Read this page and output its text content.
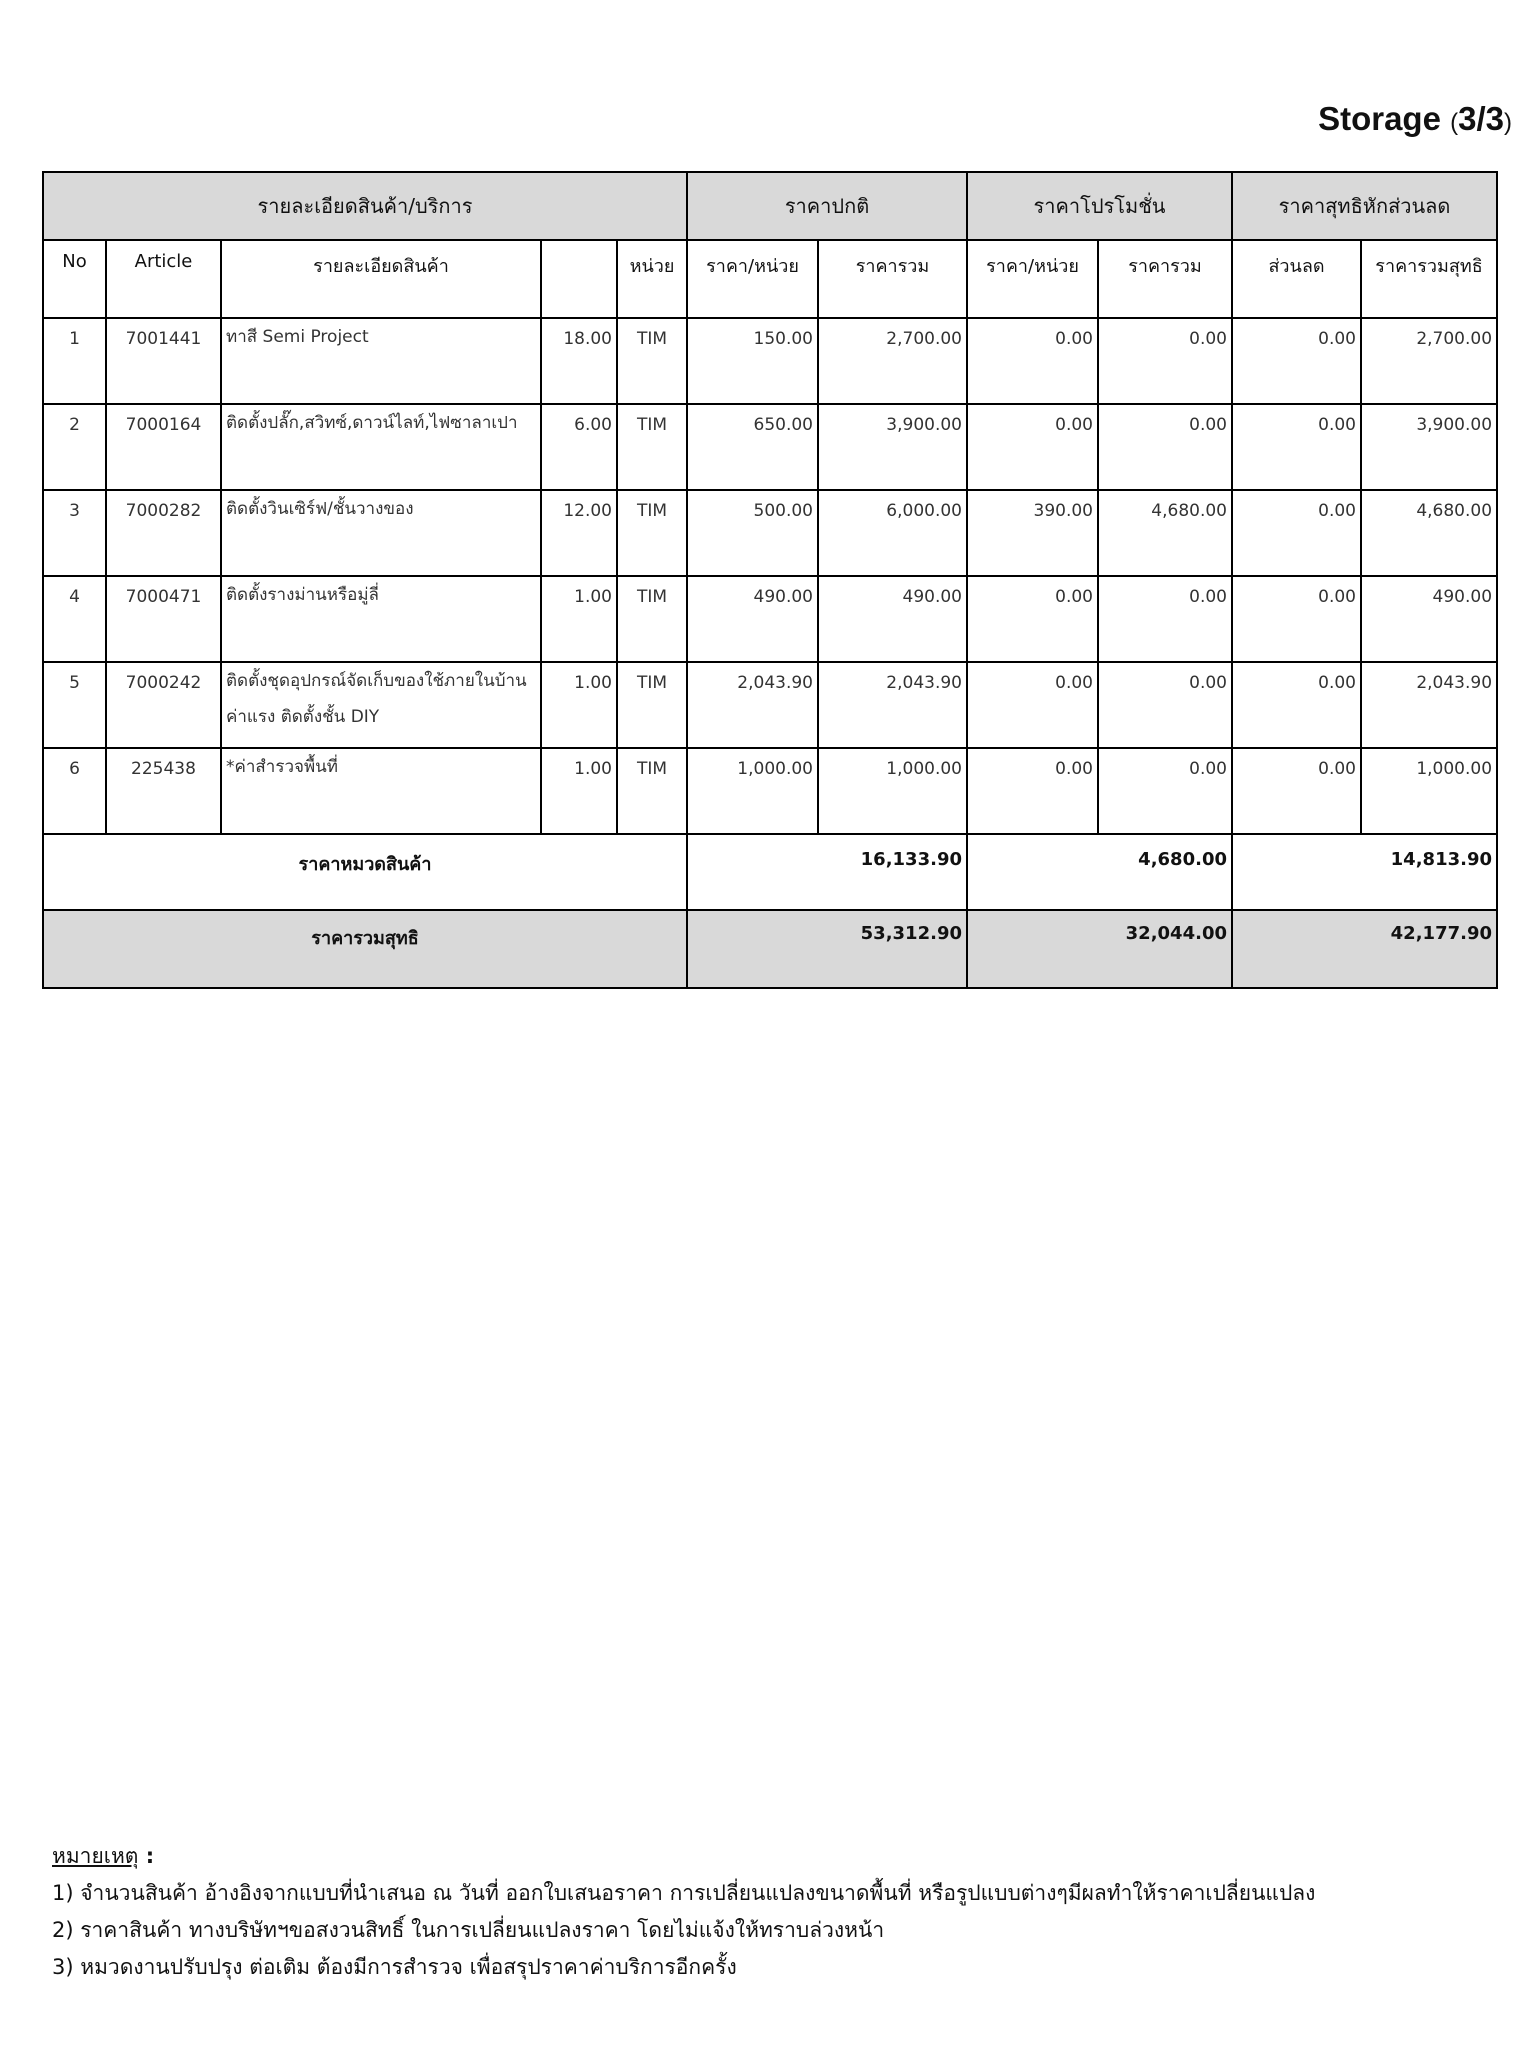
Storage (3/3)
รายละเอียดสินค้า/บริการ					ราคาปกติ		ราคาโปรโมชั่น		ราคาสุทธิหักส่วนลด	
No	Article	รายละเอียดสินค้า		หน่วย	ราคา/หน่วย	ราคารวม	ราคา/หน่วย	ราคารวม	ส่วนลด	ราคารวมสุทธิ
1	7001441	ทาสี Semi Project	18.00	TIM	150.00	2,700.00	0.00	0.00	0.00	2,700.00
2	7000164	ติดตั้งปลั๊ก,สวิทซ์,ดาวน์ไลท์,ไฟซาลาเปา	6.00	TIM	650.00	3,900.00	0.00	0.00	0.00	3,900.00
3	7000282	ติดตั้งวินเซิร์ฟ/ชั้นวางของ	12.00	TIM	500.00	6,000.00	390.00	4,680.00	0.00	4,680.00
4	7000471	ติดตั้งรางม่านหรือมู่ลี่	1.00	TIM	490.00	490.00	0.00	0.00	0.00	490.00
5	7000242	ติดตั้งชุดอุปกรณ์จัดเก็บของใช้ภายในบ้าน ค่าแรง ติดตั้งชั้น DIY	1.00	TIM	2,043.90	2,043.90	0.00	0.00	0.00	2,043.90
6	225438	*ค่าสำรวจพื้นที่	1.00	TIM	1,000.00	1,000.00	0.00	0.00	0.00	1,000.00
ราคาหมวดสินค้า					16,133.90		4,680.00		14,813.90	
ราคารวมสุทธิ					53,312.90		32,044.00		42,177.90	
หมายเหตุ :
1) จำนวนสินค้า อ้างอิงจากแบบที่นำเสนอ ณ วันที่ ออกใบเสนอราคา การเปลี่ยนแปลงขนาดพื้นที่ หรือรูปแบบต่างๆมีผลทำให้ราคาเปลี่ยนแปลง
2) ราคาสินค้า ทางบริษัทฯขอสงวนสิทธิ์ ในการเปลี่ยนแปลงราคา โดยไม่แจ้งให้ทราบล่วงหน้า
3) หมวดงานปรับปรุง ต่อเติม ต้องมีการสำรวจ เพื่อสรุปราคาค่าบริการอีกครั้ง
